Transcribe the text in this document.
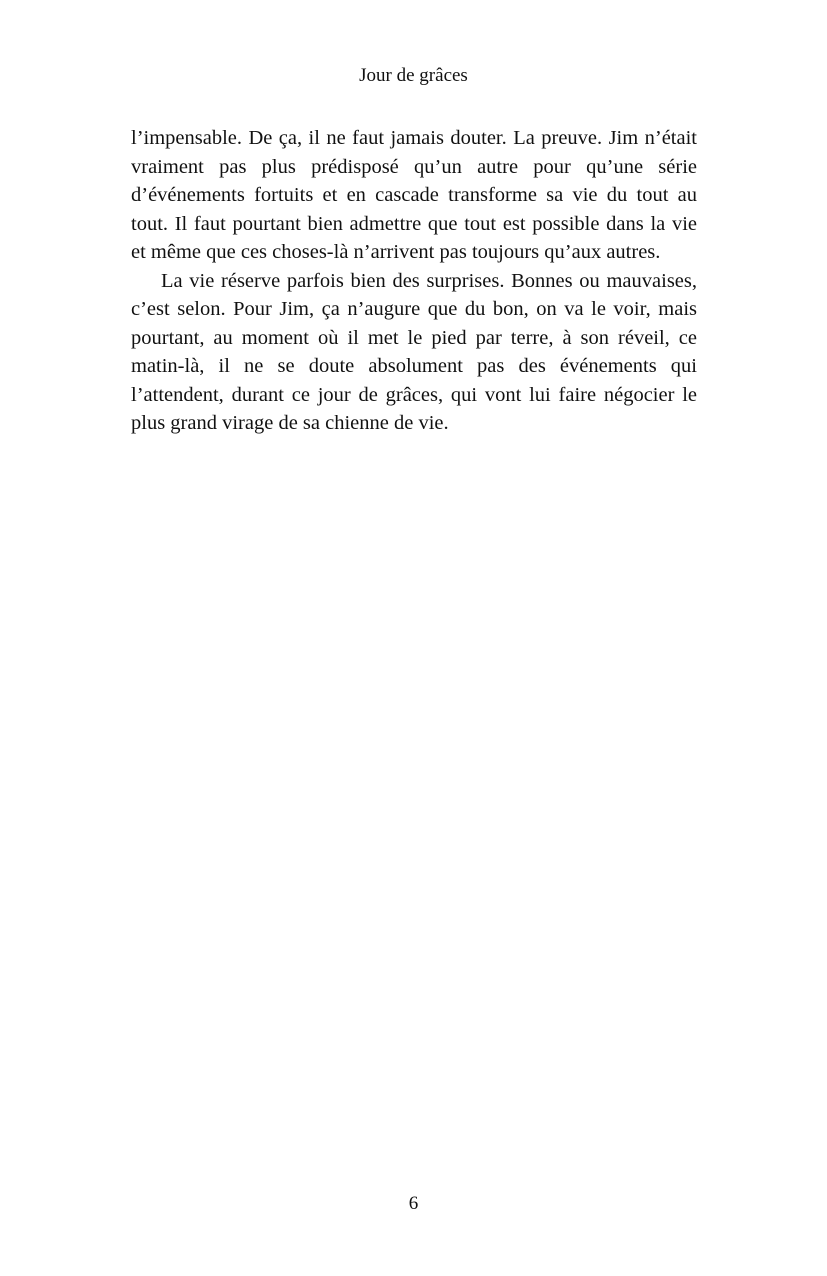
Jour de grâces

l’impensable. De ça, il ne faut jamais douter. La preuve. Jim n’était vraiment pas plus prédisposé qu’un autre pour qu’une série d’événements fortuits et en cascade transforme sa vie du tout au tout. Il faut pourtant bien admettre que tout est possible dans la vie et même que ces choses-là n’arrivent pas toujours qu’aux autres.

La vie réserve parfois bien des surprises. Bonnes ou mauvaises, c’est selon. Pour Jim, ça n’augure que du bon, on va le voir, mais pourtant, au moment où il met le pied par terre, à son réveil, ce matin-là, il ne se doute absolument pas des événements qui l’attendent, durant ce jour de grâces, qui vont lui faire négocier le plus grand virage de sa chienne de vie.

6
